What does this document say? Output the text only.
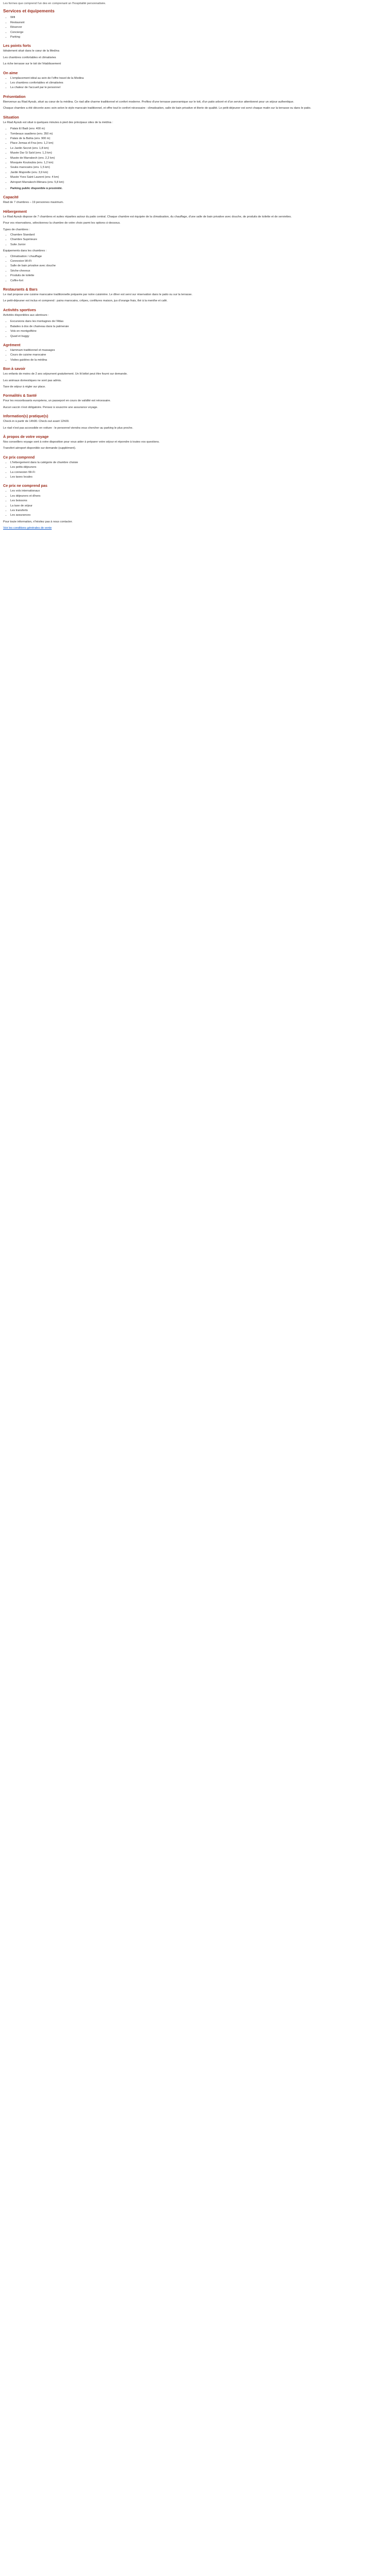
Les formes que comprend l'un des en comprenant un l'hospitalité personnalisée.
Services et équipements
• Wifi
• Restaurant
• Réserver
• Concierge
• Parking
Les points forts

Idéalement situé dans le cœur de la Medina

Les chambres confortables et climatisées

La riche terrasse sur le toit de l'établissement

On aime
• L'emplacement idéal au sein de l'offre travel de la Medina
• Les chambres confortables et climatisées
• La chaleur de l'accueil par le personnel
Présentation

Bienvenue au Riad Ayoub, situé au cœur de la médina. Ce riad allie charme traditionnel et confort moderne. Profitez d'une terrasse panoramique sur le toit, d'un patio arboré et d'un service attentionné pour un séjour authentique.

Chaque chambre a été décorée avec soin selon le style marocain traditionnel, et offre tout le confort nécessaire : climatisation, salle de bain privative et literie de qualité. Le petit-déjeuner est servi chaque matin sur la terrasse ou dans le patio.

Situation

Le Riad Ayoub est situé à quelques minutes à pied des principaux sites de la médina :

• Palais El Badi (env. 400 m)
• Tombeaux saadiens (env. 350 m)
• Palais de la Bahia (env. 900 m)
• Place Jemaa el-Fna (env. 1,2 km)
• Le Jardin Secret (env. 1,8 km)
• Musée Dar Si Saïd (env. 1,3 km)
• Musée de Marrakech (env. 2,2 km)
• Mosquée Koutoubia (env. 1,2 km)
• Souks marocains (env. 1,5 km)
• Jardin Majorelle (env. 3,9 km)
• Musée Yves Saint Laurent (env. 4 km)
• Aéroport Marrakech-Ménara (env. 5,8 km)
• Parking public disponible à proximité.
Capacité

Riad de 7 chambres – 19 personnes maximum.

Hébergement

Le Riad Ayoub dispose de 7 chambres et suites réparties autour du patio central. Chaque chambre est équipée de la climatisation, du chauffage, d'une salle de bain privative avec douche, de produits de toilette et de serviettes.

Pour vos réservations, sélectionnez la chambre de votre choix parmi les options ci-dessous.

Types de chambres :

• Chambre Standard
• Chambre Supérieure
• Suite Junior

Équipements dans les chambres :

• Climatisation / chauffage
• Connexion Wi-Fi
• Salle de bain privative avec douche
• Sèche-cheveux
• Produits de toilette
• Coffre-fort
Restaurants & Bars

Le riad propose une cuisine marocaine traditionnelle préparée par notre cuisinière. Le dîner est servi sur réservation dans le patio ou sur la terrasse.

Le petit-déjeuner est inclus et comprend : pains marocains, crêpes, confitures maison, jus d'orange frais, thé à la menthe et café.

Activités sportives

Activités disponibles aux alentours :

• Excursions dans les montagnes de l'Atlas
• Balades à dos de chameau dans la palmeraie
• Vols en montgolfière
• Quad et buggy
Agrément
• Hammam traditionnel et massages
• Cours de cuisine marocaine
• Visites guidées de la médina
Bon à savoir

Les enfants de moins de 2 ans séjournent gratuitement. Un lit bébé peut être fourni sur demande.

Les animaux domestiques ne sont pas admis.

Taxe de séjour à régler sur place.

Formalités & Santé

Pour les ressortissants européens, un passeport en cours de validité est nécessaire.

Aucun vaccin n'est obligatoire. Pensez à souscrire une assurance voyage.

Information(s) pratique(s)

Check-in à partir de 14h00. Check-out avant 12h00.

Le riad n'est pas accessible en voiture : le personnel viendra vous chercher au parking le plus proche.

À propos de votre voyage

Nos conseillers voyage sont à votre disposition pour vous aider à préparer votre séjour et répondre à toutes vos questions.

Transfert aéroport disponible sur demande (supplément).

Ce prix comprend
• L'hébergement dans la catégorie de chambre choisie
• Les petits-déjeuners
• La connexion Wi-Fi
• Les taxes locales
Ce prix ne comprend pas
• Les vols internationaux
• Les déjeuners et dîners
• Les boissons
• La taxe de séjour
• Les transferts
• Les assurances

Pour toute information, n'hésitez pas à nous contacter.

Voir les conditions générales de vente
